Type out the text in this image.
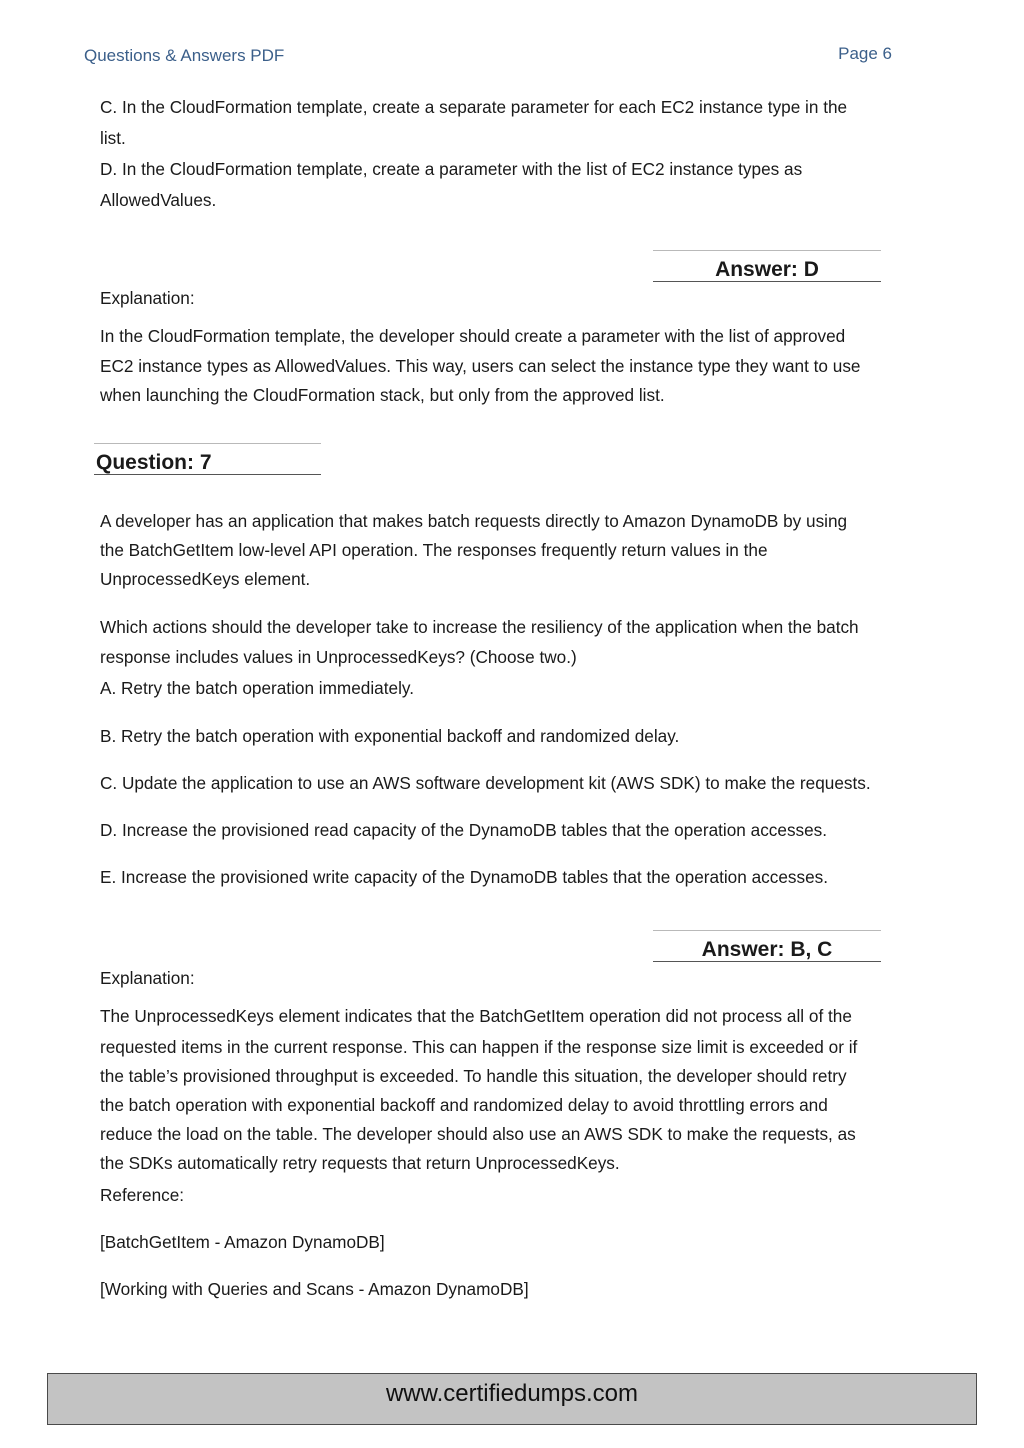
Questions & Answers PDF	Page 6

C. In the CloudFormation template, create a separate parameter for each EC2 instance type in the

list.

D. In the CloudFormation template, create a parameter with the list of EC2 instance types as

AllowedValues.

Answer: D

Explanation:

In the CloudFormation template, the developer should create a parameter with the list of approved

EC2 instance types as AllowedValues. This way, users can select the instance type they want to use

when launching the CloudFormation stack, but only from the approved list.

Question: 7

A developer has an application that makes batch requests directly to Amazon DynamoDB by using

the BatchGetItem low-level API operation. The responses frequently return values in the

UnprocessedKeys element.

Which actions should the developer take to increase the resiliency of the application when the batch

response includes values in UnprocessedKeys? (Choose two.)

A. Retry the batch operation immediately.

B. Retry the batch operation with exponential backoff and randomized delay.

C. Update the application to use an AWS software development kit (AWS SDK) to make the requests.

D. Increase the provisioned read capacity of the DynamoDB tables that the operation accesses.

E. Increase the provisioned write capacity of the DynamoDB tables that the operation accesses.

Answer: B, C

Explanation:

The UnprocessedKeys element indicates that the BatchGetItem operation did not process all of the

requested items in the current response. This can happen if the response size limit is exceeded or if

the table’s provisioned throughput is exceeded. To handle this situation, the developer should retry

the batch operation with exponential backoff and randomized delay to avoid throttling errors and

reduce the load on the table. The developer should also use an AWS SDK to make the requests, as

the SDKs automatically retry requests that return UnprocessedKeys.

Reference:

[BatchGetItem - Amazon DynamoDB]

[Working with Queries and Scans - Amazon DynamoDB]

www.certifiedumps.com
